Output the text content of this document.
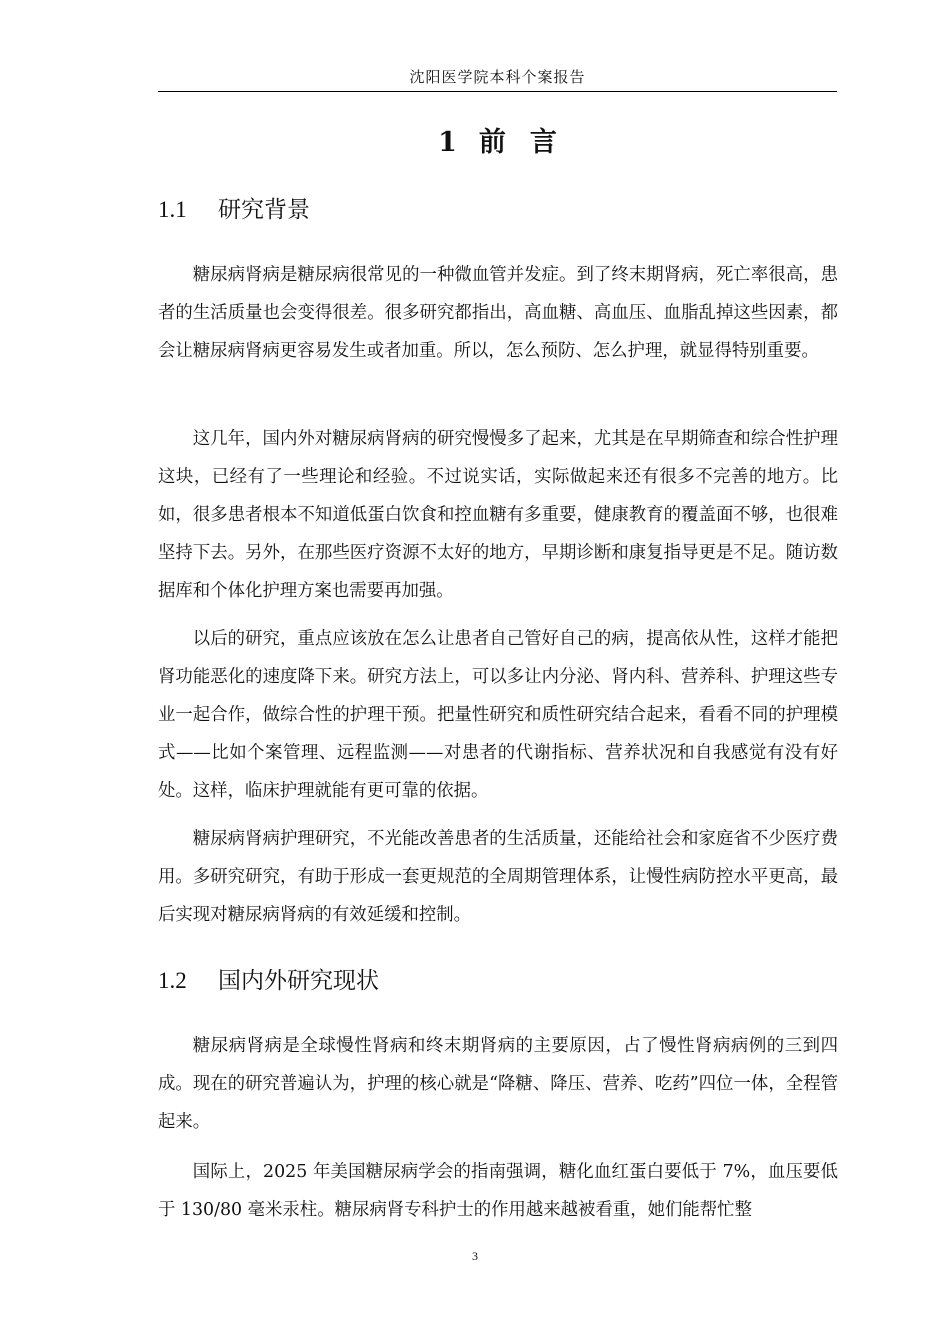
沈阳医学院本科个案报告
1 前 言
1.1 研究背景

糖尿病肾病是糖尿病很常见的一种微血管并发症。到了终末期肾病，死亡率很高，患者的生活质量也会变得很差。很多研究都指出，高血糖、高血压、血脂乱掉这些因素，都会让糖尿病肾病更容易发生或者加重。所以，怎么预防、怎么护理，就显得特别重要。

这几年，国内外对糖尿病肾病的研究慢慢多了起来，尤其是在早期筛查和综合性护理这块，已经有了一些理论和经验。不过说实话，实际做起来还有很多不完善的地方。比如，很多患者根本不知道低蛋白饮食和控血糖有多重要，健康教育的覆盖面不够，也很难坚持下去。另外，在那些医疗资源不太好的地方，早期诊断和康复指导更是不足。随访数据库和个体化护理方案也需要再加强。

以后的研究，重点应该放在怎么让患者自己管好自己的病，提高依从性，这样才能把肾功能恶化的速度降下来。研究方法上，可以多让内分泌、肾内科、营养科、护理这些专业一起合作，做综合性的护理干预。把量性研究和质性研究结合起来，看看不同的护理模式——比如个案管理、远程监测——对患者的代谢指标、营养状况和自我感觉有没有好处。这样，临床护理就能有更可靠的依据。

糖尿病肾病护理研究，不光能改善患者的生活质量，还能给社会和家庭省不少医疗费用。多研究研究，有助于形成一套更规范的全周期管理体系，让慢性病防控水平更高，最后实现对糖尿病肾病的有效延缓和控制。

1.2 国内外研究现状

糖尿病肾病是全球慢性肾病和终末期肾病的主要原因，占了慢性肾病病例的三到四成。现在的研究普遍认为，护理的核心就是“降糖、降压、营养、吃药”四位一体，全程管起来。

国际上，2025 年美国糖尿病学会的指南强调，糖化血红蛋白要低于 7%，血压要低于 130/80 毫米汞柱。糖尿病肾专科护士的作用越来越被看重，她们能帮忙整

3
